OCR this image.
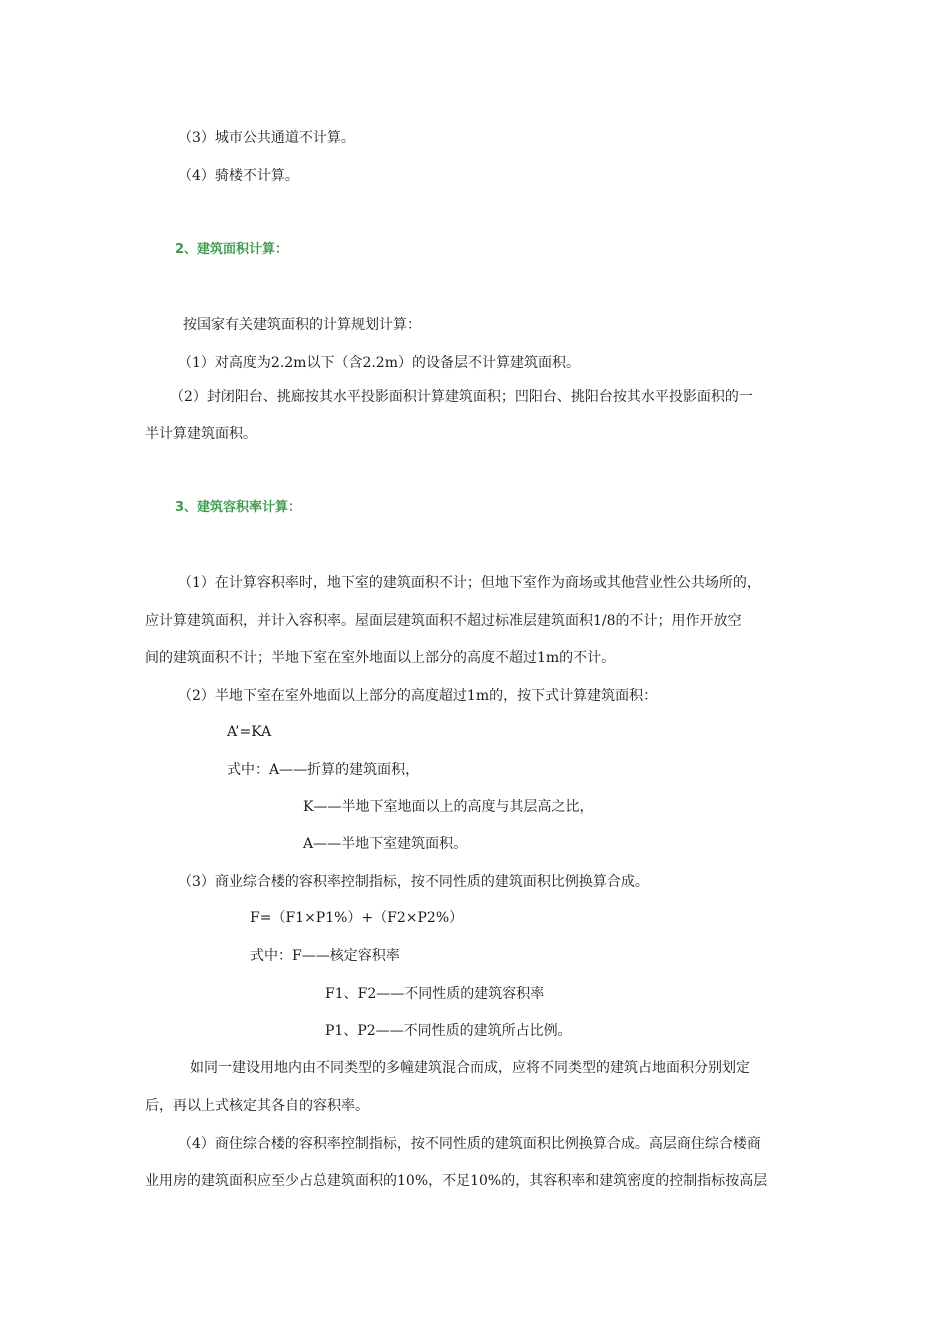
（3）城市公共通道不计算。
（4）骑楼不计算。
2、建筑面积计算：
按国家有关建筑面积的计算规划计算：
（1）对高度为2.2m以下（含2.2m）的设备层不计算建筑面积。
（2）封闭阳台、挑廊按其水平投影面积计算建筑面积；凹阳台、挑阳台按其水平投影面积的一
半计算建筑面积。
3、建筑容积率计算：
（1）在计算容积率时，地下室的建筑面积不计；但地下室作为商场或其他营业性公共场所的，
应计算建筑面积，并计入容积率。屋面层建筑面积不超过标准层建筑面积1/8的不计；用作开放空
间的建筑面积不计；半地下室在室外地面以上部分的高度不超过1m的不计。
（2）半地下室在室外地面以上部分的高度超过1m的，按下式计算建筑面积：
A’=KA
式中：A——折算的建筑面积，
K——半地下室地面以上的高度与其层高之比，
A——半地下室建筑面积。
（3）商业综合楼的容积率控制指标，按不同性质的建筑面积比例换算合成。
F=（F1×P1%）+（F2×P2%）
式中：F——核定容积率
F1、F2——不同性质的建筑容积率
P1、P2——不同性质的建筑所占比例。
如同一建设用地内由不同类型的多幢建筑混合而成，应将不同类型的建筑占地面积分别划定
后，再以上式核定其各自的容积率。
（4）商住综合楼的容积率控制指标，按不同性质的建筑面积比例换算合成。高层商住综合楼商
业用房的建筑面积应至少占总建筑面积的10%，不足10%的，其容积率和建筑密度的控制指标按高层
